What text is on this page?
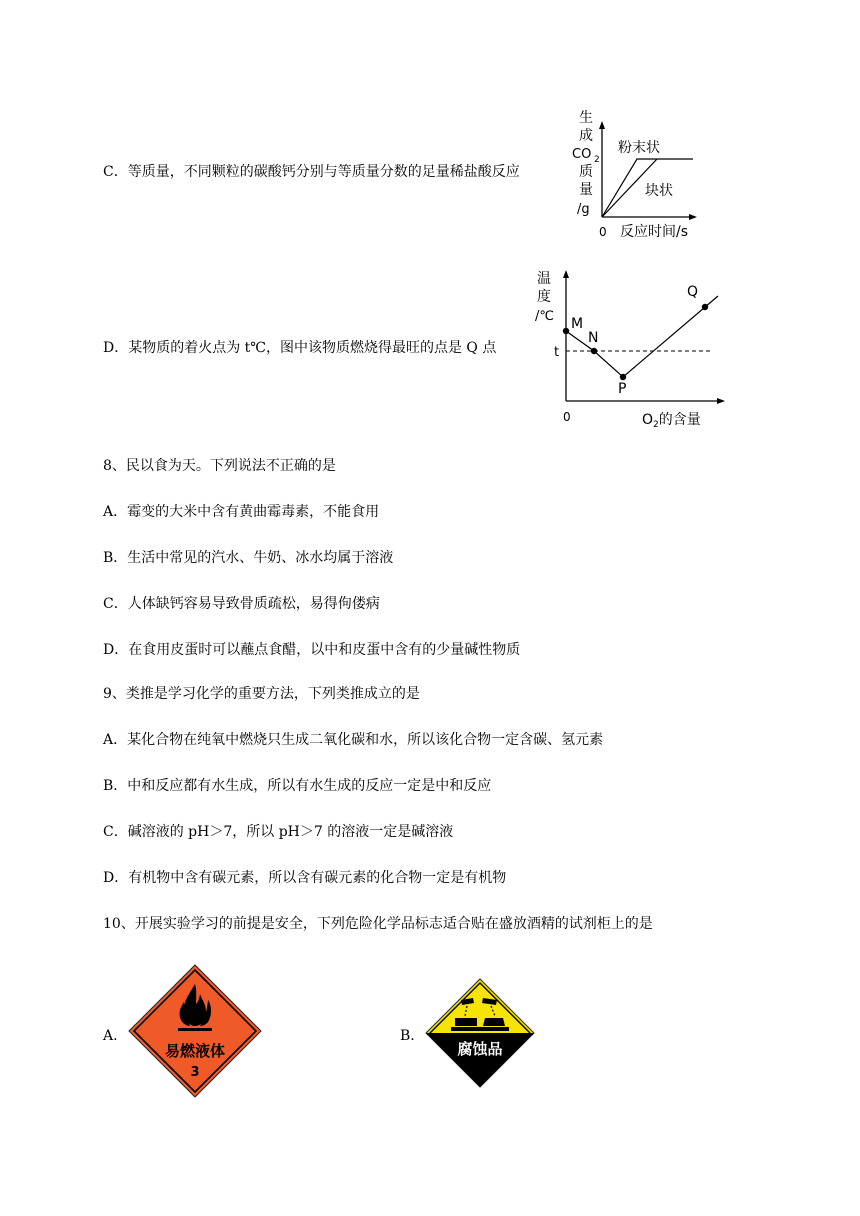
C．等质量，不同颗粒的碳酸钙分别与等质量分数的足量稀盐酸反应
生
成
CO 2
质
量
/g
粉末状
块状
0 反应时间/s
D．某物质的着火点为 t℃，图中该物质燃烧得最旺的点是 Q 点
温
度
/℃
t
M
N
P
Q
0	$O_2$的含量
8、民以食为天。下列说法不正确的是
A．霉变的大米中含有黄曲霉毒素，不能食用
B．生活中常见的汽水、牛奶、冰水均属于溶液
C．人体缺钙容易导致骨质疏松，易得佝偻病
D．在食用皮蛋时可以蘸点食醋，以中和皮蛋中含有的少量碱性物质
9、类推是学习化学的重要方法，下列类推成立的是
A．某化合物在纯氧中燃烧只生成二氧化碳和水，所以该化合物一定含碳、氢元素
B．中和反应都有水生成，所以有水生成的反应一定是中和反应
C．碱溶液的 pH＞7，所以 pH＞7 的溶液一定是碱溶液
D．有机物中含有碳元素，所以含有碳元素的化合物一定是有机物
10、开展实验学习的前提是安全，下列危险化学品标志适合贴在盛放酒精的试剂柜上的是
A.
易燃液体
3
B.
腐蚀品
